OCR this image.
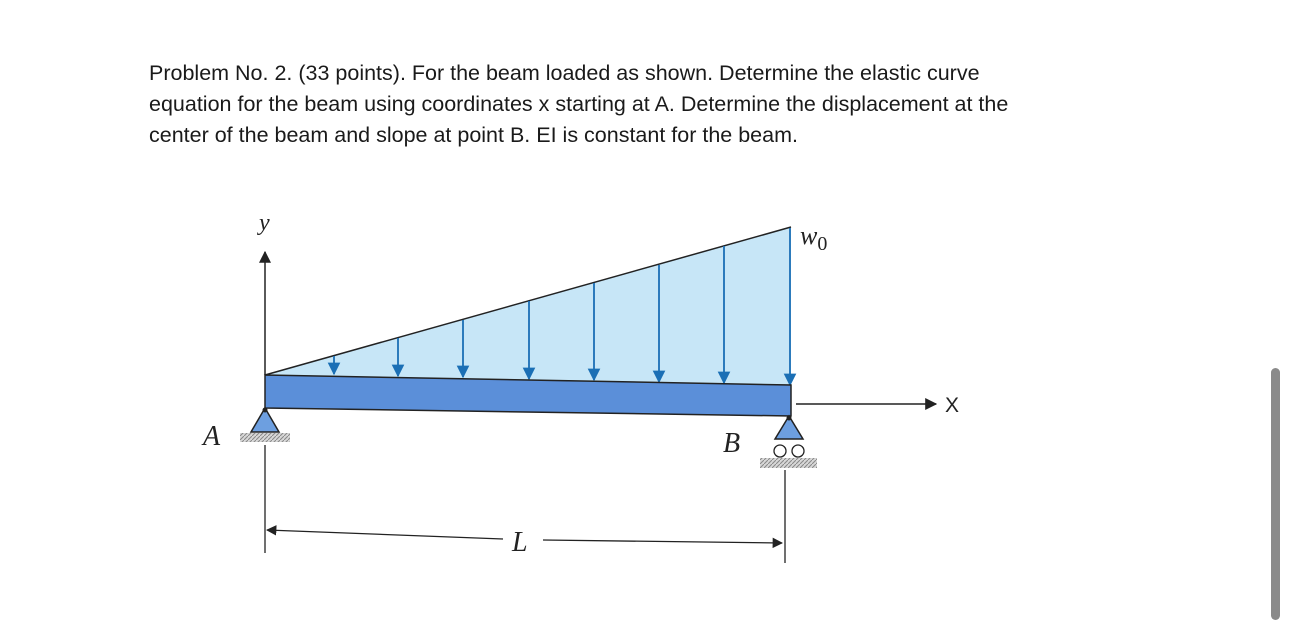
Problem No. 2. (33 points). For the beam loaded as shown. Determine the elastic curve
equation for the beam using coordinates x starting at A. Determine the displacement at the
center of the beam and slope at point B. EI is constant for the beam.
y	$w_0$
X
A	B
L
